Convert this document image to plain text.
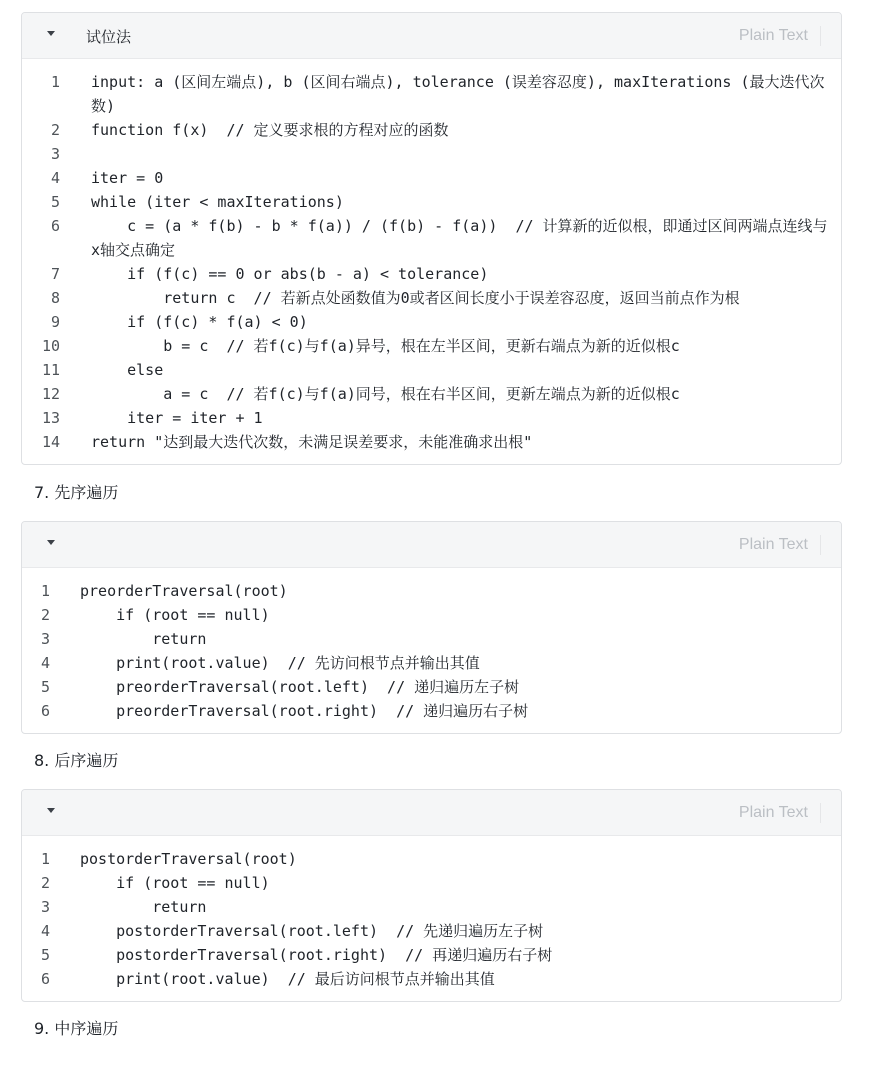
试位法	Plain Text
1 input: a (区间左端点), b (区间右端点), tolerance (误差容忍度), maxIterations (最大迭代次数)
2 function f(x)  // 定义要求根的方程对应的函数
3

4 iter = 0
5 while (iter < maxIterations)
6 c = (a * f(b) - b * f(a)) / (f(b) - f(a))  // 计算新的近似根，即通过区间两端点连线与x轴交点确定
7 if (f(c) == 0 or abs(b - a) < tolerance)
8 return c  // 若新点处函数值为0或者区间长度小于误差容忍度，返回当前点作为根
9 if (f(c) * f(a) < 0)
10 b = c  // 若f(c)与f(a)异号，根在左半区间，更新右端点为新的近似根c
11 else
12 a = c  // 若f(c)与f(a)同号，根在右半区间，更新左端点为新的近似根c
13 iter = iter + 1
14 return "达到最大迭代次数，未满足误差要求，未能准确求出根"
7. 先序遍历
Plain Text
1 preorderTraversal(root)
2 if (root == null)
3 return
4 print(root.value)  // 先访问根节点并输出其值
5 preorderTraversal(root.left)  // 递归遍历左子树
6 preorderTraversal(root.right)  // 递归遍历右子树
8. 后序遍历
Plain Text
1 postorderTraversal(root)
2 if (root == null)
3 return
4 postorderTraversal(root.left)  // 先递归遍历左子树
5 postorderTraversal(root.right)  // 再递归遍历右子树
6 print(root.value)  // 最后访问根节点并输出其值
9. 中序遍历
